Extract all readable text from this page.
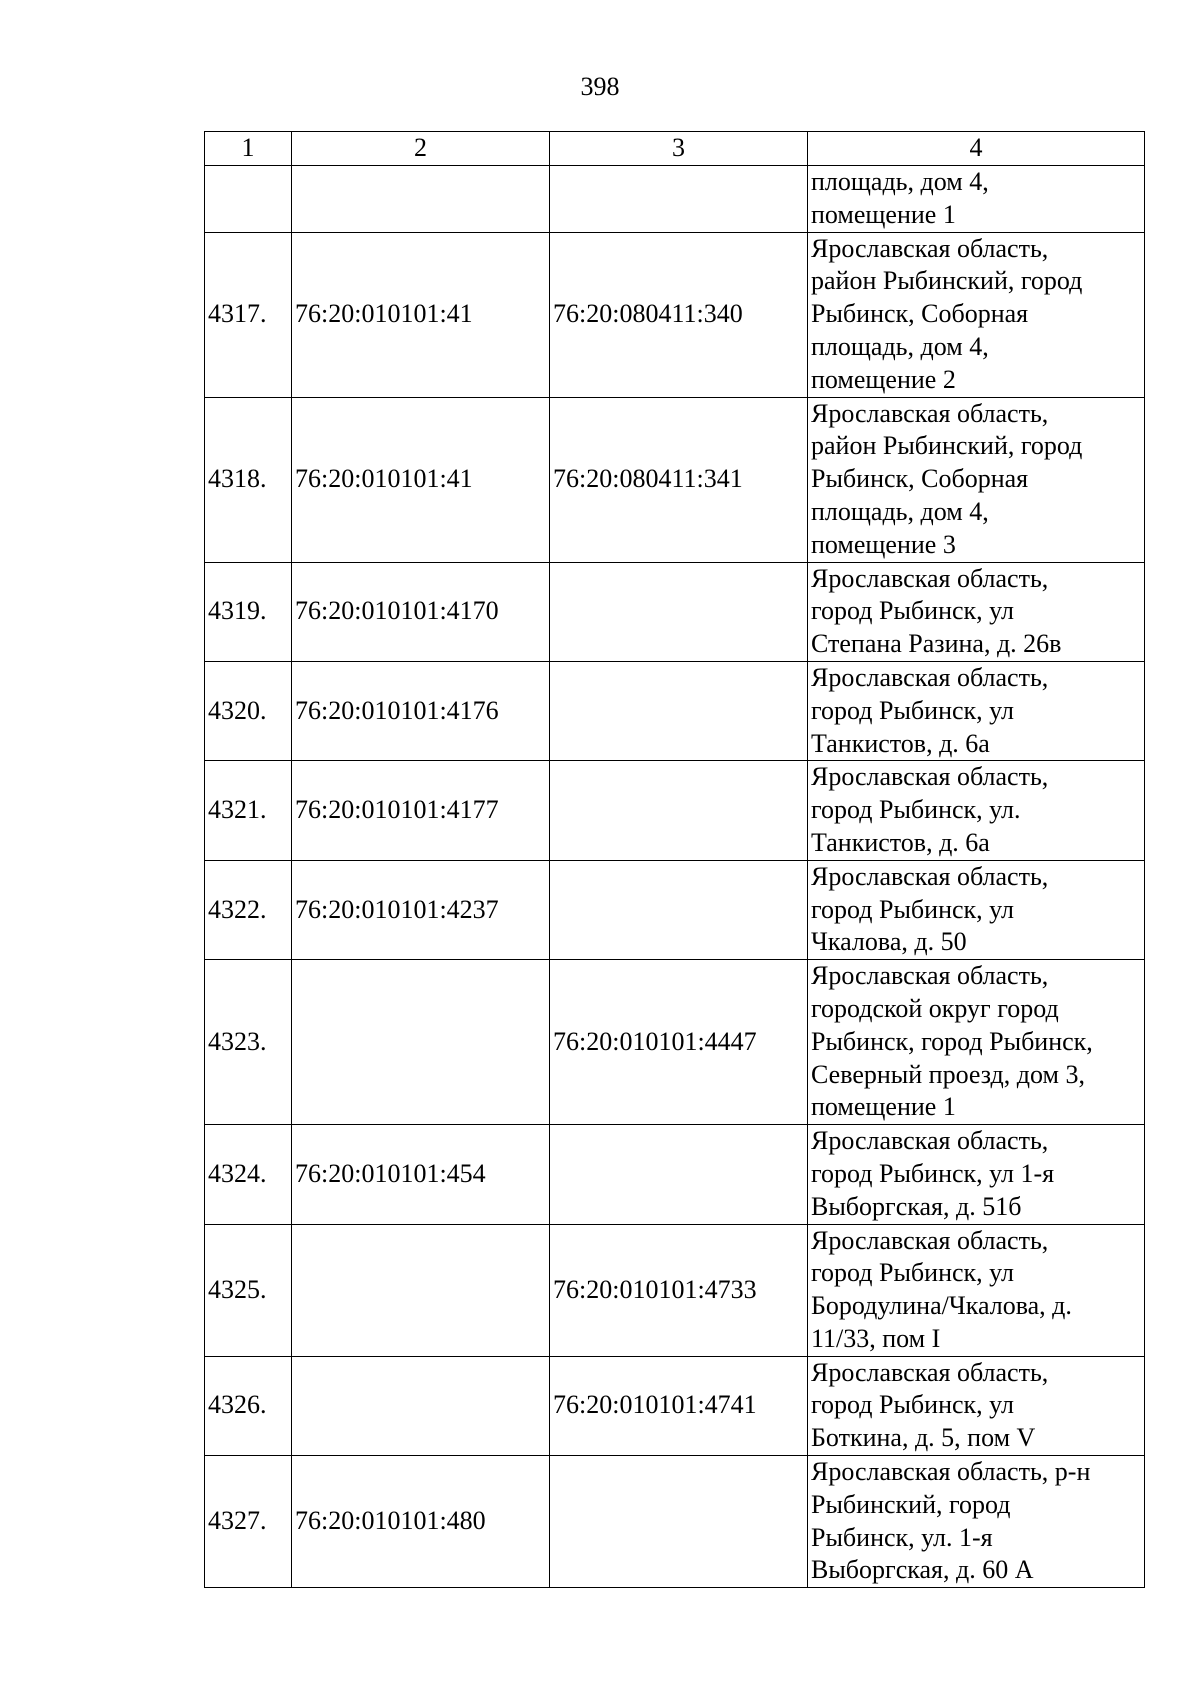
398
1	2	3	4

			площадь, дом 4,
помещение 1

4317.	76:20:010101:41	76:20:080411:340	Ярославская область,
район Рыбинский, город
Рыбинск, Соборная
площадь, дом 4,
помещение 2

4318.	76:20:010101:41	76:20:080411:341	Ярославская область,
район Рыбинский, город
Рыбинск, Соборная
площадь, дом 4,
помещение 3

4319.	76:20:010101:4170		Ярославская область,
город Рыбинск, ул
Степана Разина, д. 26в

4320.	76:20:010101:4176		Ярославская область,
город Рыбинск, ул
Танкистов, д. 6а

4321.	76:20:010101:4177		Ярославская область,
город Рыбинск, ул.
Танкистов, д. 6а

4322.	76:20:010101:4237		Ярославская область,
город Рыбинск, ул
Чкалова, д. 50

4323.		76:20:010101:4447	Ярославская область,
городской округ город
Рыбинск, город Рыбинск,
Северный проезд, дом 3,
помещение 1

4324.	76:20:010101:454		Ярославская область,
город Рыбинск, ул 1-я
Выборгская, д. 51б

4325.		76:20:010101:4733	Ярославская область,
город Рыбинск, ул
Бородулина/Чкалова, д.
11/33, пом I

4326.		76:20:010101:4741	Ярославская область,
город Рыбинск, ул
Боткина, д. 5, пом V

4327.	76:20:010101:480		Ярославская область, р-н
Рыбинский, город
Рыбинск, ул. 1-я
Выборгская, д. 60 А
